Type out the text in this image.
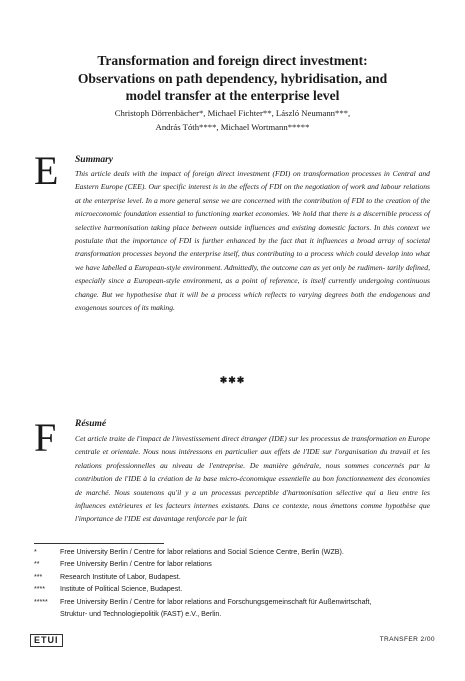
Transformation and foreign direct investment:
Observations on path dependency, hybridisation, and
model transfer at the enterprise level
Christoph Dörrenbächer*, Michael Fichter**, László Neumann***,
András Tóth****, Michael Wortmann*****
E Summary

This article deals with the impact of foreign direct investment (FDI) on transformation processes in Central and Eastern Europe (CEE). Our specific interest is in the effects of FDI on the negotiation of work and labour relations at the enterprise level. In a more general sense we are concerned with the contribution of FDI to the creation of the microeconomic foundation essential to functioning market economies. We hold that there is a discernible process of selective harmonisation taking place between outside influences and existing domestic factors. In this context we postulate that the importance of FDI is further enhanced by the fact that it influences a broad array of societal transformation processes beyond the enterprise itself, thus contributing to a process which could develop into what we have labelled a European-style environment. Admittedly, the outcome can as yet only be rudimen- tarily defined, especially since a European-style environment, as a point of reference, is itself currently undergoing continuous change. But we hypothesise that it will be a process which reflects to varying degrees both the endogenous and exogenous sources of its making.

✱✱✱
F Résumé

Cet article traite de l'impact de l'investissement direct étranger (IDE) sur les processus de transformation en Europe centrale et orientale. Nous nous intéressons en particulier aux effets de l'IDE sur l'organisation du travail et les relations professionnelles au niveau de l'entreprise. De manière générale, nous sommes concernés par la contribution de l'IDE à la création de la base micro-économique essentielle au bon fonctionnement des économies de marché. Nous soutenons qu'il y a un processus perceptible d'harmonisation sélective qui a lieu entre les influences extérieures et les facteurs internes existants. Dans ce contexte, nous émettons comme hypothèse que l'importance de l'IDE est davantage renforcée par le fait

*	Free University Berlin / Centre for labor relations and Social Science Centre, Berlin (WZB).
**	Free University Berlin / Centre for labor relations
***	Research Institute of Labor, Budapest.
****	Institute of Political Science, Budapest.
*****	Free University Berlin / Centre for labor relations and Forschungsgemeinschaft für Außenwirtschaft,
Struktur- und Technologiepolitik (FAST) e.V., Berlin.
ETUI	TRANSFER 2/00
